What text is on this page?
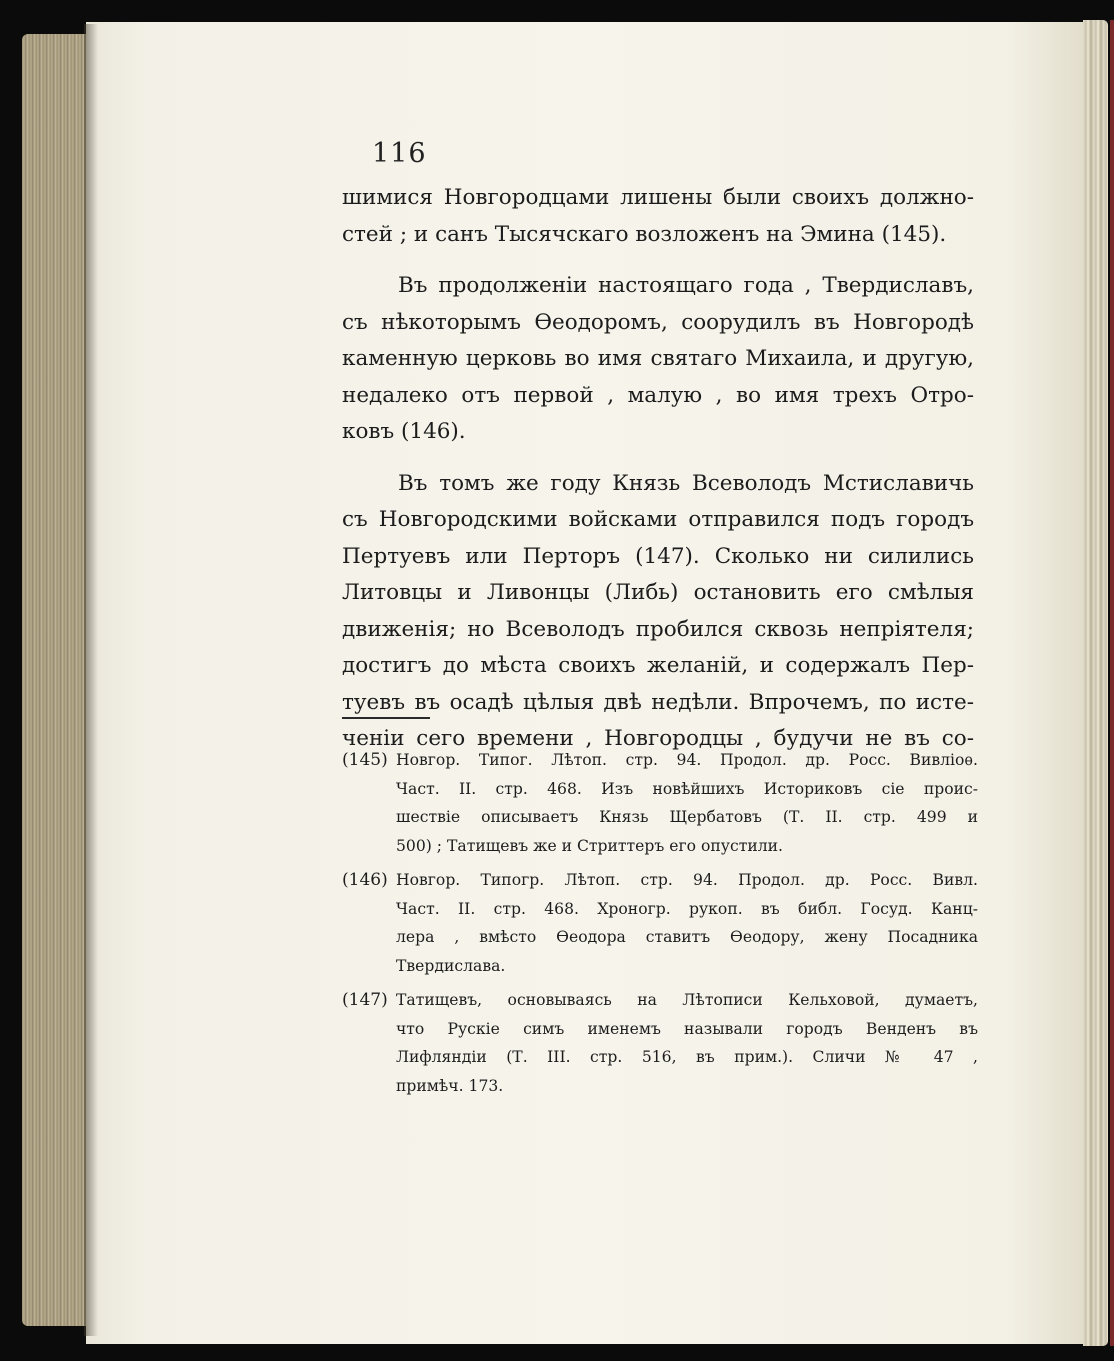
116

шимися Новгородцами лишены были своихъ должно-
стей ; и санъ Тысячскаго возложенъ на Эмина (145).

Въ продолженіи настоящаго года , Твердиславъ,
съ нѣкоторымъ Ѳеодоромъ, соорудилъ въ Новгородѣ
каменную церковь во имя святаго Михаила, и другую,
недалеко отъ первой , малую , во имя трехъ Отро-
ковъ (146).

Въ томъ же году Князь Всеволодъ Мстиславичь
съ Новгородскими войсками отправился подъ городъ
Пертуевъ или Перторъ (147). Сколько ни силились
Литовцы и Ливонцы (Либь) остановить его смѣлыя
движенія; но Всеволодъ пробился сквозь непріятеля;
достигъ до мѣста своихъ желаній, и содержалъ Пер-
туевъ въ осадѣ цѣлыя двѣ недѣли. Впрочемъ, по исте-
ченіи сего времени , Новгородцы , будучи не въ со-

(145) Новгор. Типог. Лѣтоп. стр. 94. Продол. др. Росс. Вивліоѳ.
Част. II. стр. 468. Изъ новѣйшихъ Историковъ сіе проис-
шествіе описываетъ Князь Щербатовъ (Т. II. стр. 499 и
500) ; Татищевъ же и Стриттеръ его опустили.
(146) Новгор. Типогр. Лѣтоп. стр. 94. Продол. др. Росс. Вивл.
Част. II. стр. 468. Хроногр. рукоп. въ библ. Госуд. Канц-
лера , вмѣсто Ѳеодора ставитъ Ѳеодору, жену Посадника
Твердислава.
(147) Татищевъ, основываясь на Лѣтописи Кельховой, думаетъ,
что Рускіе симъ именемъ называли городъ Венденъ въ
Лифляндіи (Т. III. стр. 516, въ прим.). Сличи № 47 ,
примѣч. 173.
